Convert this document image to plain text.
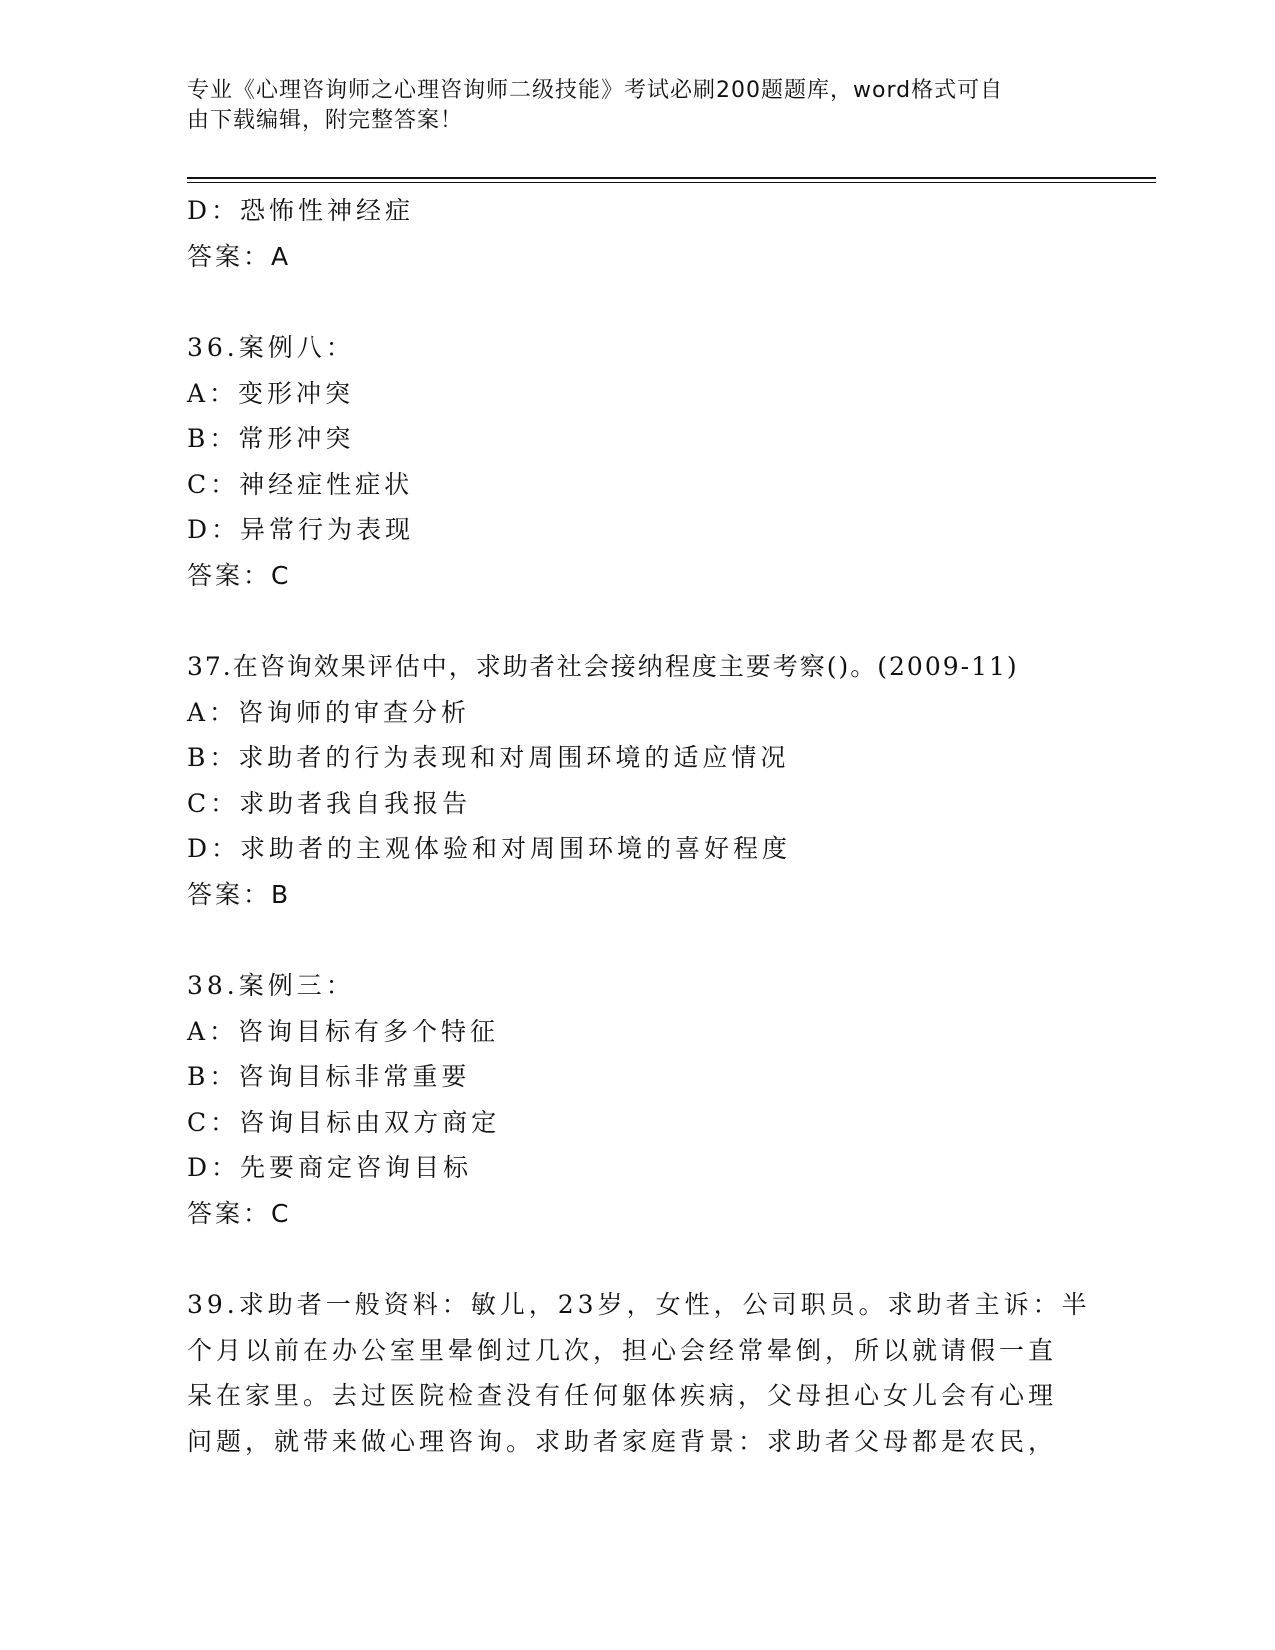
专业《心理咨询师之心理咨询师二级技能》考试必刷200题题库，word格式可自

由下载编辑，附完整答案！

D：恐怖性神经症
答案：A
36.案例八：
A：变形冲突
B：常形冲突
C：神经症性症状
D：异常行为表现
答案：C
37.在咨询效果评估中，求助者社会接纳程度主要考察()。(2009-11)
A：咨询师的审查分析
B：求助者的行为表现和对周围环境的适应情况
C：求助者我自我报告
D：求助者的主观体验和对周围环境的喜好程度
答案：B
38.案例三：
A：咨询目标有多个特征
B：咨询目标非常重要
C：咨询目标由双方商定
D：先要商定咨询目标
答案：C
39.求助者一般资料：敏儿，23岁，女性，公司职员。求助者主诉：半
个月以前在办公室里晕倒过几次，担心会经常晕倒，所以就请假一直
呆在家里。去过医院检查没有任何躯体疾病，父母担心女儿会有心理
问题，就带来做心理咨询。求助者家庭背景：求助者父母都是农民，
